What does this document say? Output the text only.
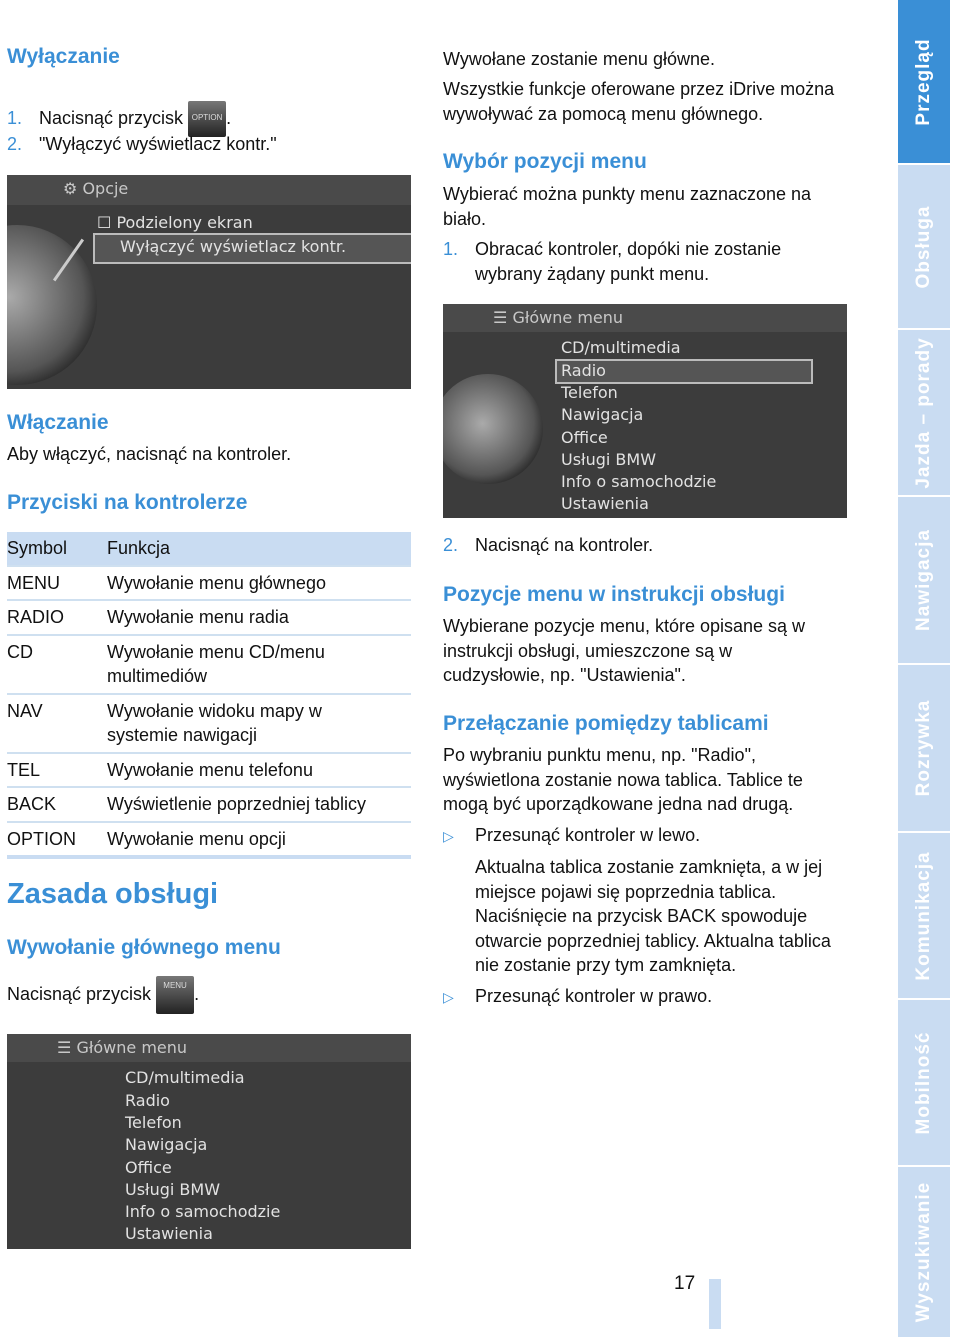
Wyłączanie
1. Nacisnąć przycisk OPTION .
2. "Wyłączyć wyświetlacz kontr."
⚙ Opcje
☐ Podzielony ekran
Wyłączyć wyświetlacz kontr.
Włączanie
Aby włączyć, nacisnąć na kontroler.
Przyciski na kontrolerze
Symbol	Funkcja
MENU	Wywołanie menu głównego
RADIO	Wywołanie menu radia
CD	Wywołanie menu CD/menu multimediów
NAV	Wywołanie widoku mapy w systemie nawigacji
TEL	Wywołanie menu telefonu
BACK	Wyświetlenie poprzedniej tablicy
OPTION	Wywołanie menu opcji
Zasada obsługi
Wywołanie głównego menu
Nacisnąć przycisk MENU .
☰ Główne menu
CD/multimedia
Radio
Telefon
Nawigacja
Office
Usługi BMW
Info o samochodzie
Ustawienia
Wywołane zostanie menu główne.
Wszystkie funkcje oferowane przez iDrive można wywoływać za pomocą menu głównego.
Wybór pozycji menu
Wybierać można punkty menu zaznaczone na biało.
1. Obracać kontroler, dopóki nie zostanie wybrany żądany punkt menu.
☰ Główne menu
CD/multimedia
Radio
Telefon
Nawigacja
Office
Usługi BMW
Info o samochodzie
Ustawienia
2. Nacisnąć na kontroler.
Pozycje menu w instrukcji obsługi
Wybierane pozycje menu, które opisane są w instrukcji obsługi, umieszczone są w cudzysłowie, np. "Ustawienia".
Przełączanie pomiędzy tablicami
Po wybraniu punktu menu, np. "Radio", wyświetlona zostanie nowa tablica. Tablice te mogą być uporządkowane jedna nad drugą.
▷ Przesunąć kontroler w lewo.
Aktualna tablica zostanie zamknięta, a w jej miejsce pojawi się poprzednia tablica. Naciśnięcie na przycisk BACK spowoduje otwarcie poprzedniej tablicy. Aktualna tablica nie zostanie przy tym zamknięta.
▷ Przesunąć kontroler w prawo.
17
Przegląd
Obsługa
Jazda – porady
Nawigacja
Rozrywka
Komunikacja
Mobilność
Wyszukiwanie
